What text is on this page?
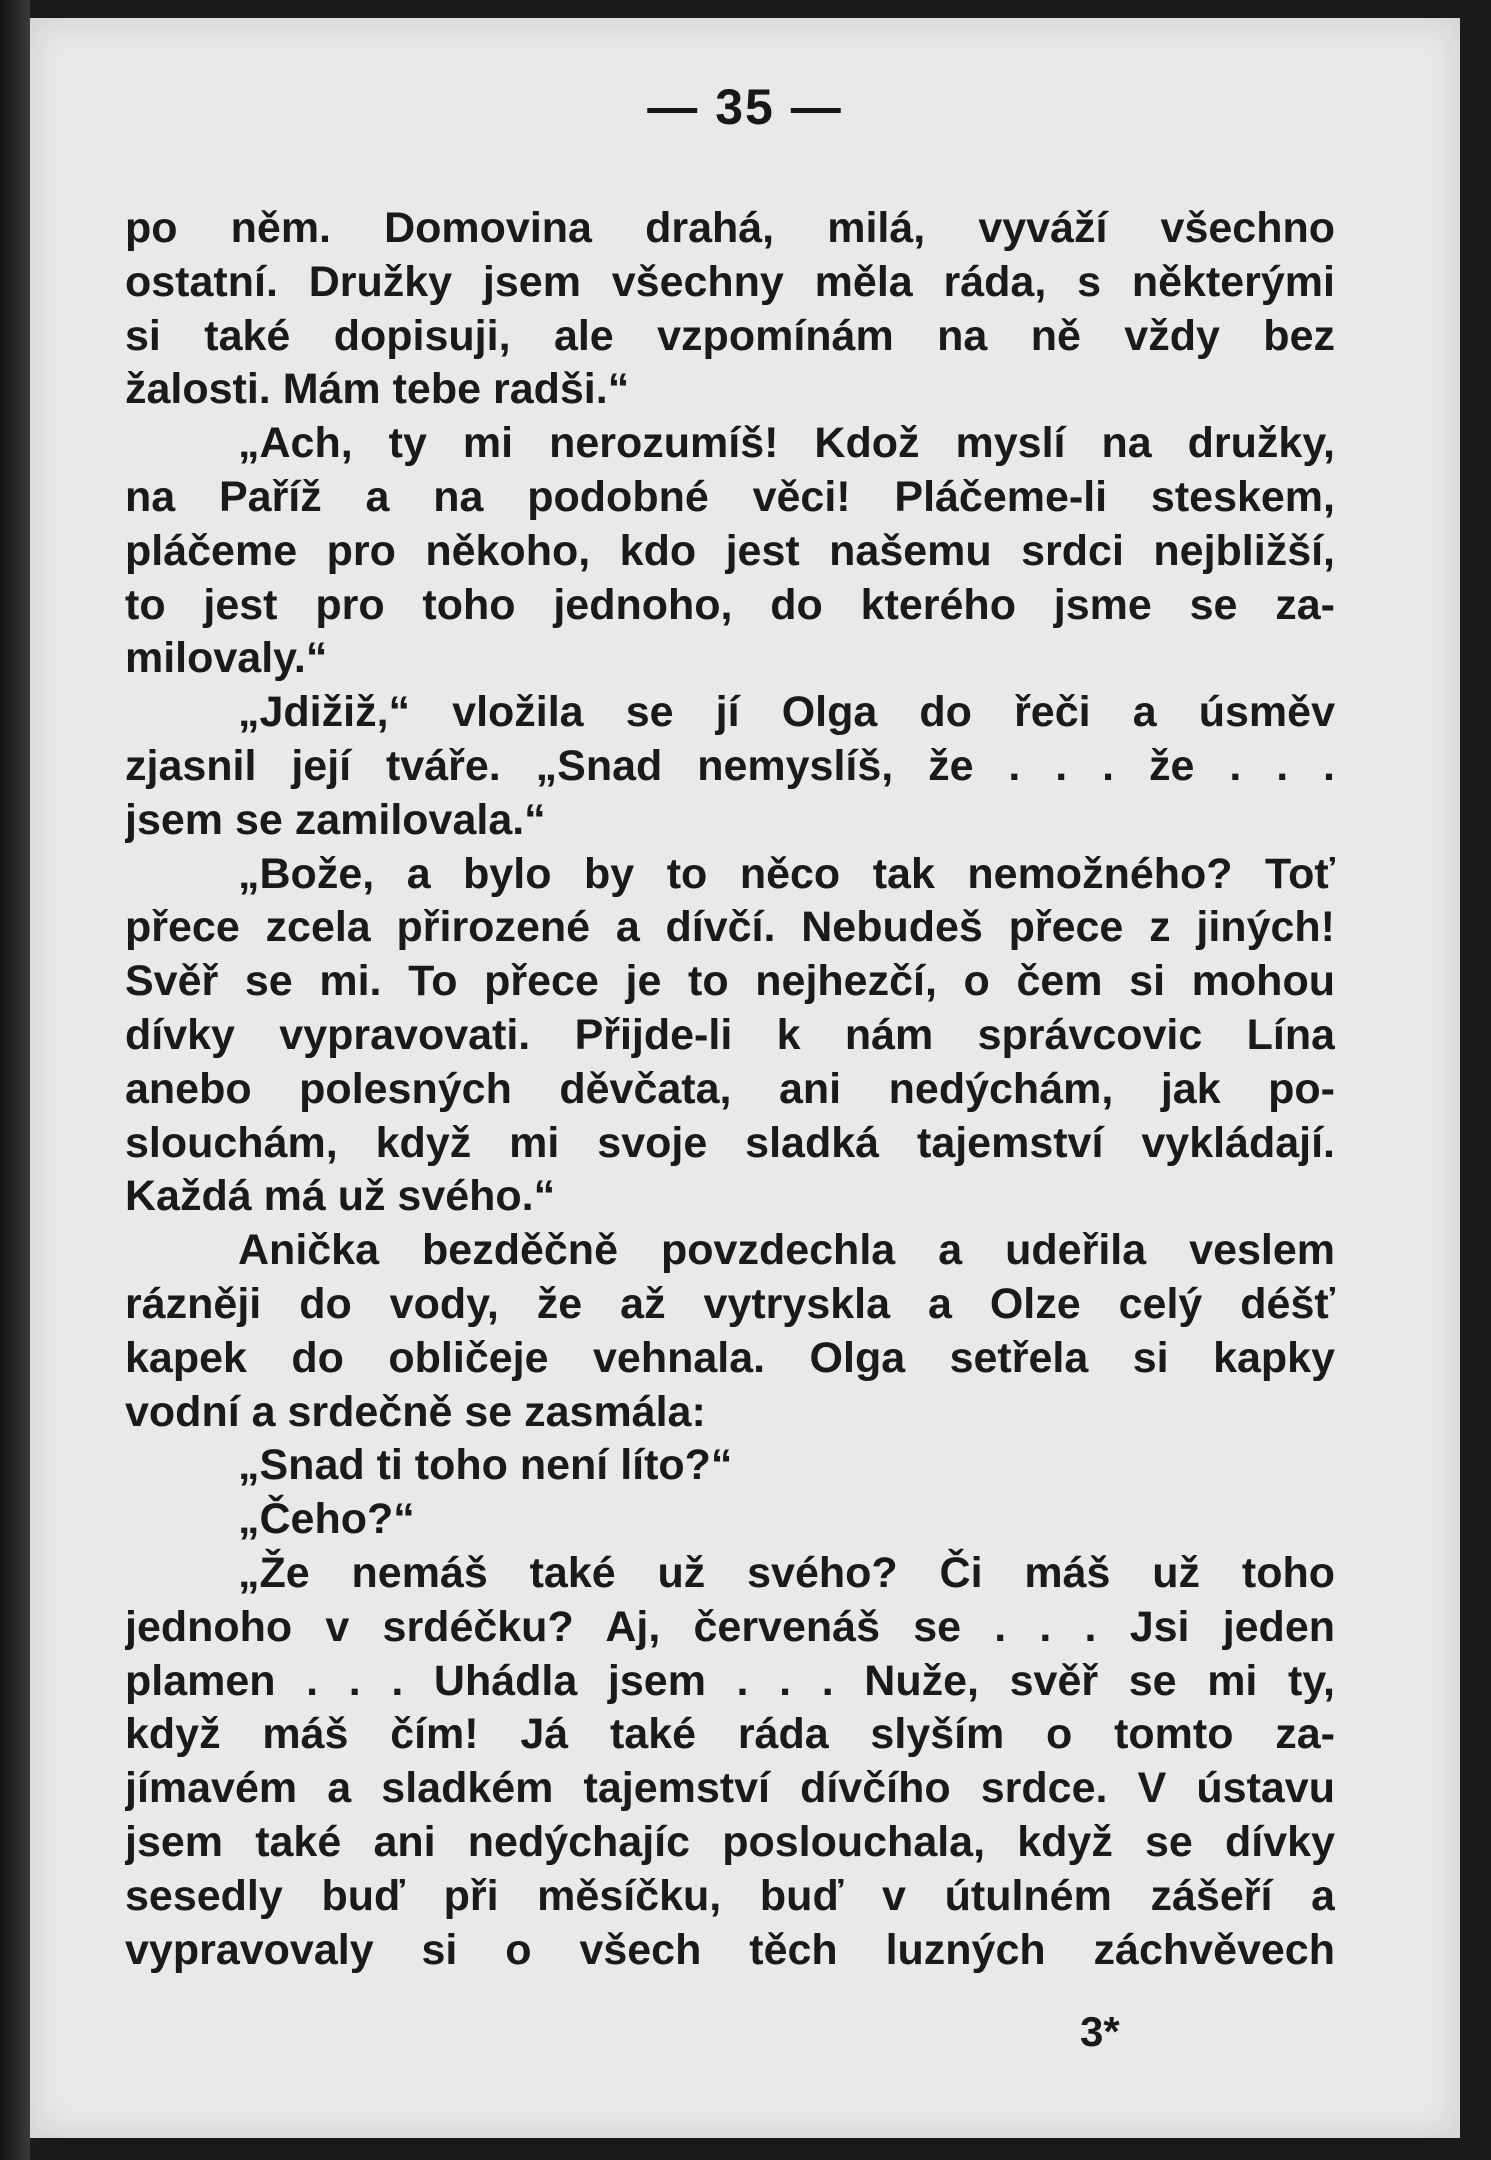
— 35 —
po něm. Domovina drahá, milá, vyváží všechno
ostatní. Družky jsem všechny měla ráda, s některými
si také dopisuji, ale vzpomínám na ně vždy bez
žalosti. Mám tebe radši.“
„Ach, ty mi nerozumíš! Kdož myslí na družky,
na Paříž a na podobné věci! Pláčeme-li steskem,
pláčeme pro někoho, kdo jest našemu srdci nejbližší,
to jest pro toho jednoho, do kterého jsme se za-
milovaly.“
„Jdižiž,“ vložila se jí Olga do řeči a úsměv
zjasnil její tváře. „Snad nemyslíš, že . . . že . . .
jsem se zamilovala.“
„Bože, a bylo by to něco tak nemožného? Toť
přece zcela přirozené a dívčí. Nebudeš přece z jiných!
Svěř se mi. To přece je to nejhezčí, o čem si mohou
dívky vypravovati. Přijde-li k nám správcovic Lína
anebo polesných děvčata, ani nedýchám, jak po-
slouchám, když mi svoje sladká tajemství vykládají.
Každá má už svého.“
Anička bezděčně povzdechla a udeřila veslem
rázněji do vody, že až vytryskla a Olze celý déšť
kapek do obličeje vehnala. Olga setřela si kapky
vodní a srdečně se zasmála:
„Snad ti toho není líto?“
„Čeho?“
„Že nemáš také už svého? Či máš už toho
jednoho v srdéčku? Aj, červenáš se . . . Jsi jeden
plamen . . . Uhádla jsem . . . Nuže, svěř se mi ty,
když máš čím! Já také ráda slyším o tomto za-
jímavém a sladkém tajemství dívčího srdce. V ústavu
jsem také ani nedýchajíc poslouchala, když se dívky
sesedly buď při měsíčku, buď v útulném zášeří a
vypravovaly si o všech těch luzných záchvěvech
3*
